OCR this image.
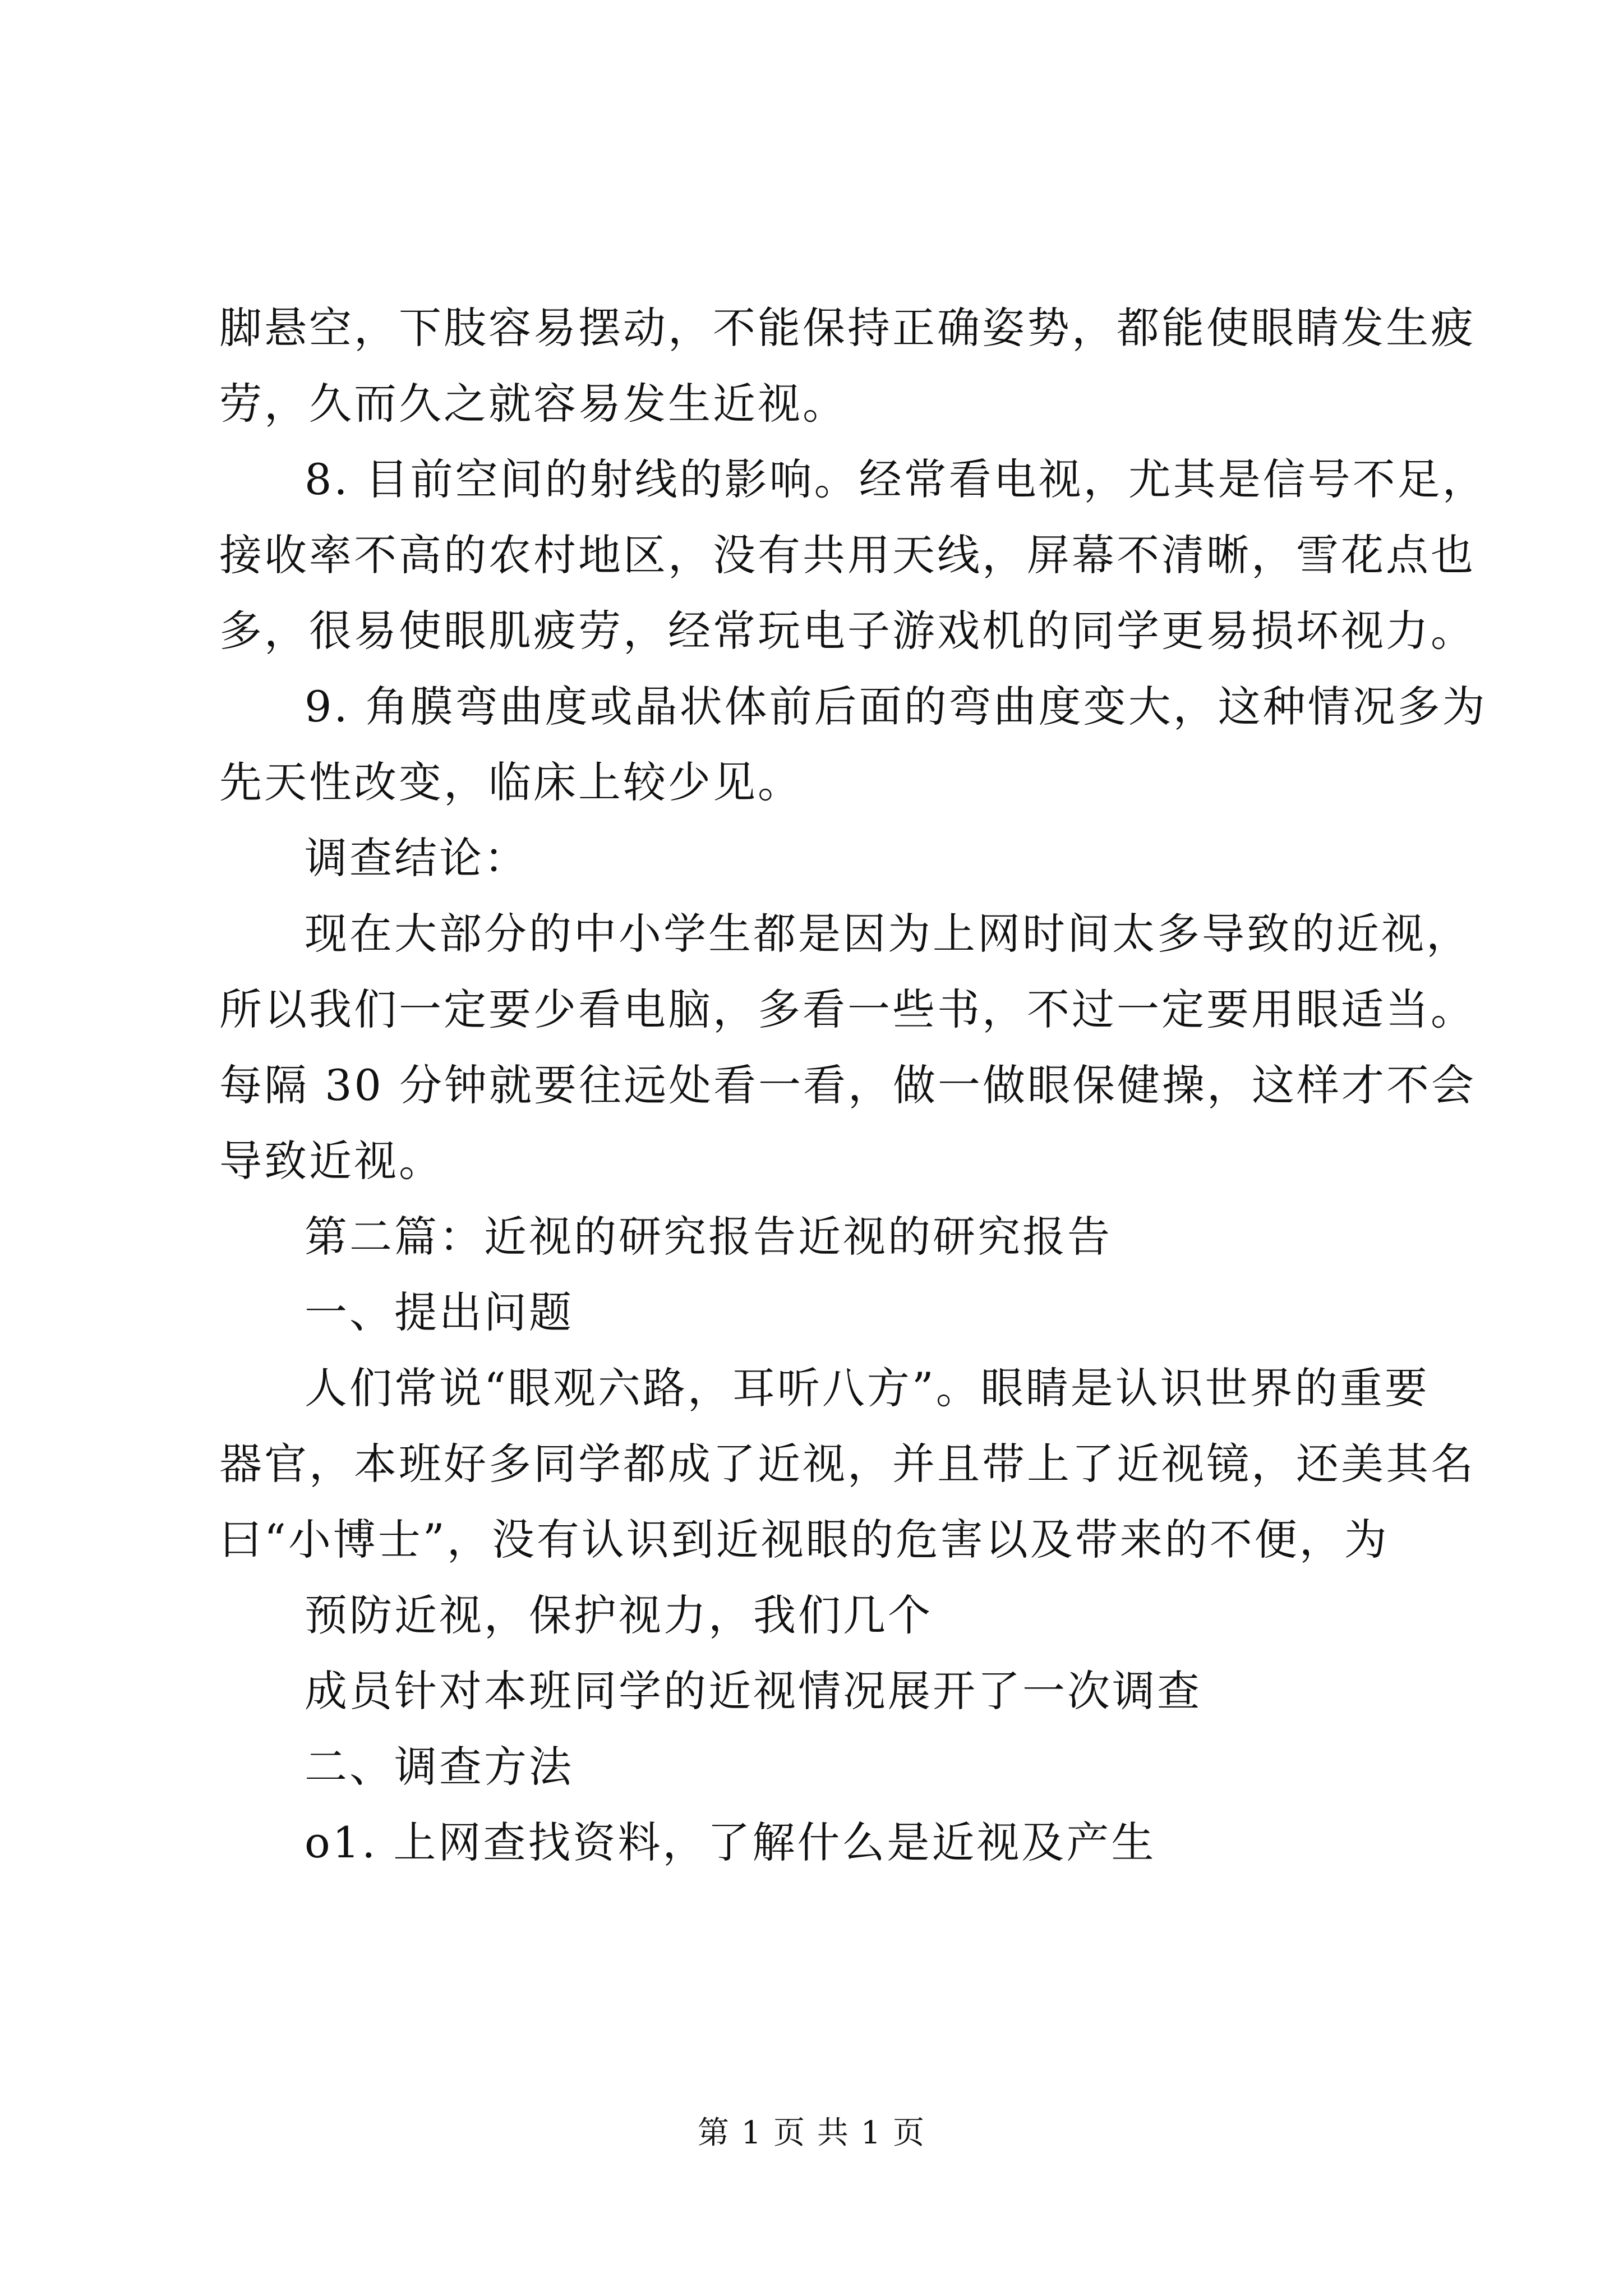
脚悬空，下肢容易摆动，不能保持正确姿势，都能使眼睛发生疲

劳，久而久之就容易发生近视。

8. 目前空间的射线的影响。经常看电视，尤其是信号不足，

接收率不高的农村地区，没有共用天线，屏幕不清晰，雪花点也

多，很易使眼肌疲劳，经常玩电子游戏机的同学更易损坏视力。

9. 角膜弯曲度或晶状体前后面的弯曲度变大，这种情况多为

先天性改变，临床上较少见。

调查结论：

现在大部分的中小学生都是因为上网时间太多导致的近视，

所以我们一定要少看电脑，多看一些书，不过一定要用眼适当。

每隔 30 分钟就要往远处看一看，做一做眼保健操，这样才不会

导致近视。

第二篇：近视的研究报告近视的研究报告

一、提出问题

人们常说“眼观六路，耳听八方”。眼睛是认识世界的重要

器官，本班好多同学都成了近视，并且带上了近视镜，还美其名

曰“小博士”，没有认识到近视眼的危害以及带来的不便，为

预防近视，保护视力，我们几个

成员针对本班同学的近视情况展开了一次调查

二、调查方法

o1. 上网查找资料，了解什么是近视及产生

第 1 页 共 1 页
